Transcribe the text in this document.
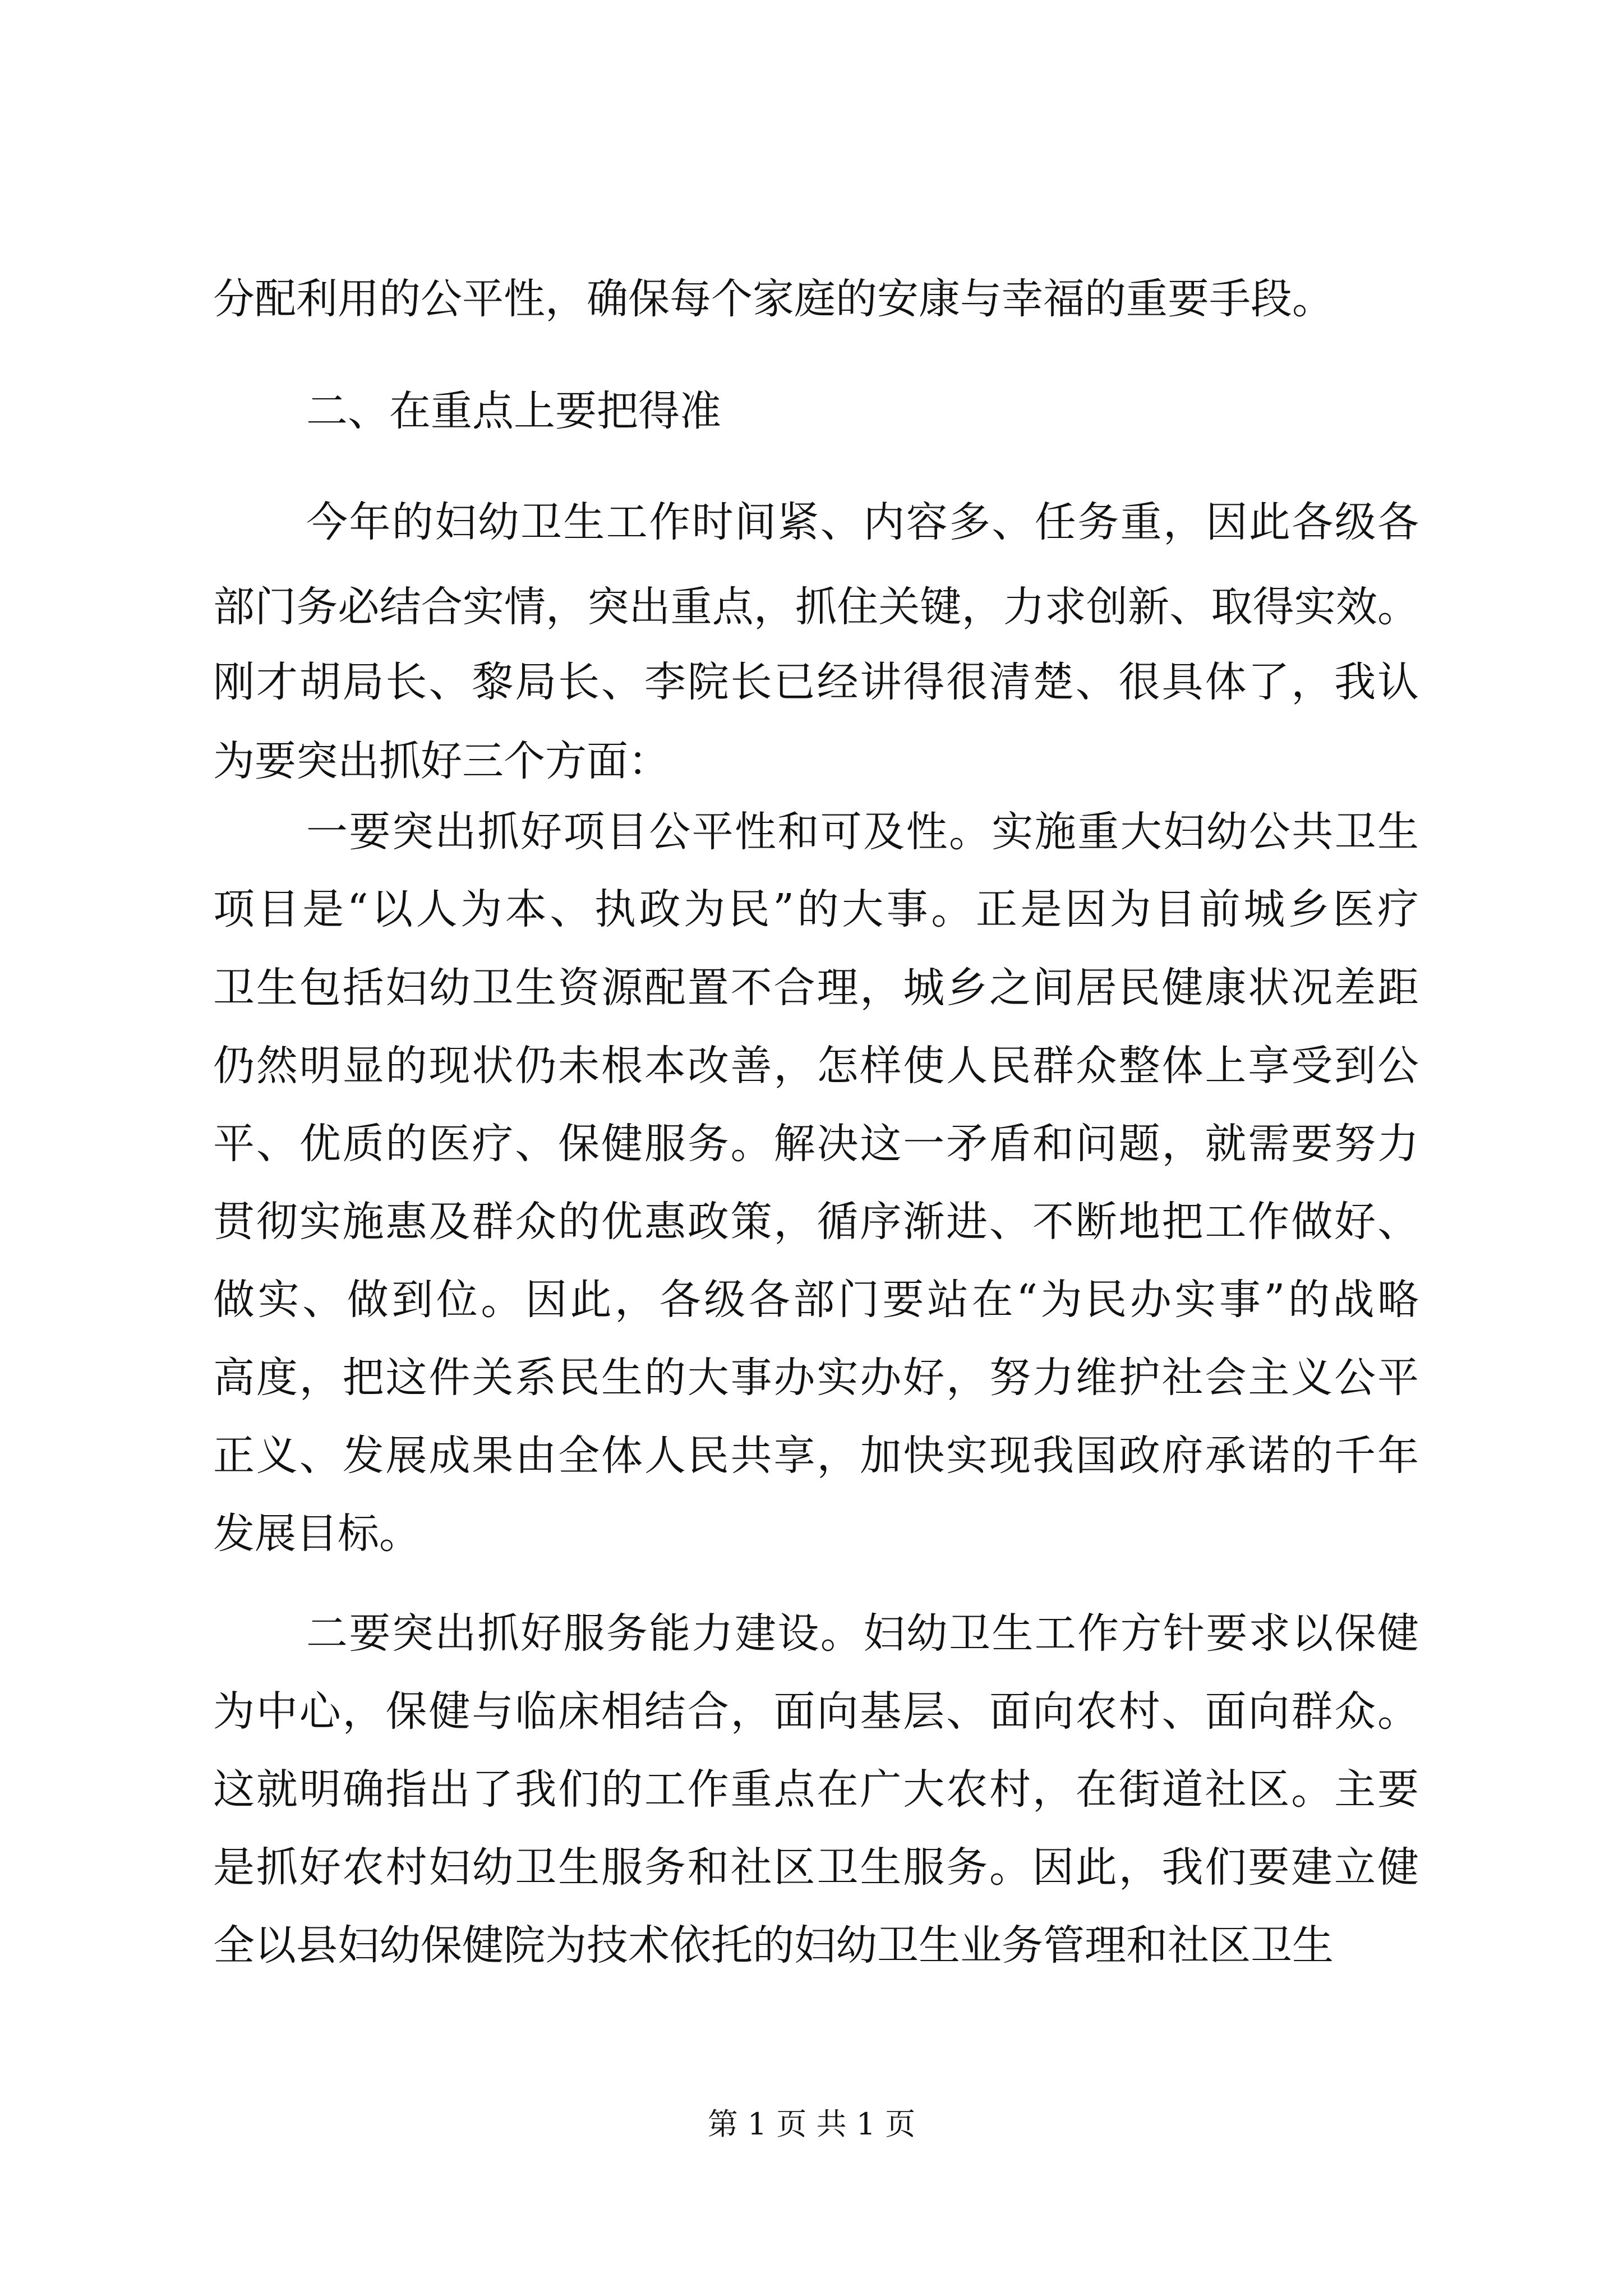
分配利用的公平性，确保每个家庭的安康与幸福的重要手段。
二、在重点上要把得准
今年的妇幼卫生工作时间紧、内容多、任务重，因此各级各
部门务必结合实情，突出重点，抓住关键，力求创新、取得实效。
刚才胡局长、黎局长、李院长已经讲得很清楚、很具体了，我认
为要突出抓好三个方面：
一要突出抓好项目公平性和可及性。实施重大妇幼公共卫生
项目是“以人为本、执政为民”的大事。正是因为目前城乡医疗
卫生包括妇幼卫生资源配置不合理，城乡之间居民健康状况差距
仍然明显的现状仍未根本改善，怎样使人民群众整体上享受到公
平、优质的医疗、保健服务。解决这一矛盾和问题，就需要努力
贯彻实施惠及群众的优惠政策，循序渐进、不断地把工作做好、
做实、做到位。因此，各级各部门要站在“为民办实事”的战略
高度，把这件关系民生的大事办实办好，努力维护社会主义公平
正义、发展成果由全体人民共享，加快实现我国政府承诺的千年
发展目标。
二要突出抓好服务能力建设。妇幼卫生工作方针要求以保健
为中心，保健与临床相结合，面向基层、面向农村、面向群众。
这就明确指出了我们的工作重点在广大农村，在街道社区。主要
是抓好农村妇幼卫生服务和社区卫生服务。因此，我们要建立健
全以县妇幼保健院为技术依托的妇幼卫生业务管理和社区卫生
第 1 页 共 1 页
